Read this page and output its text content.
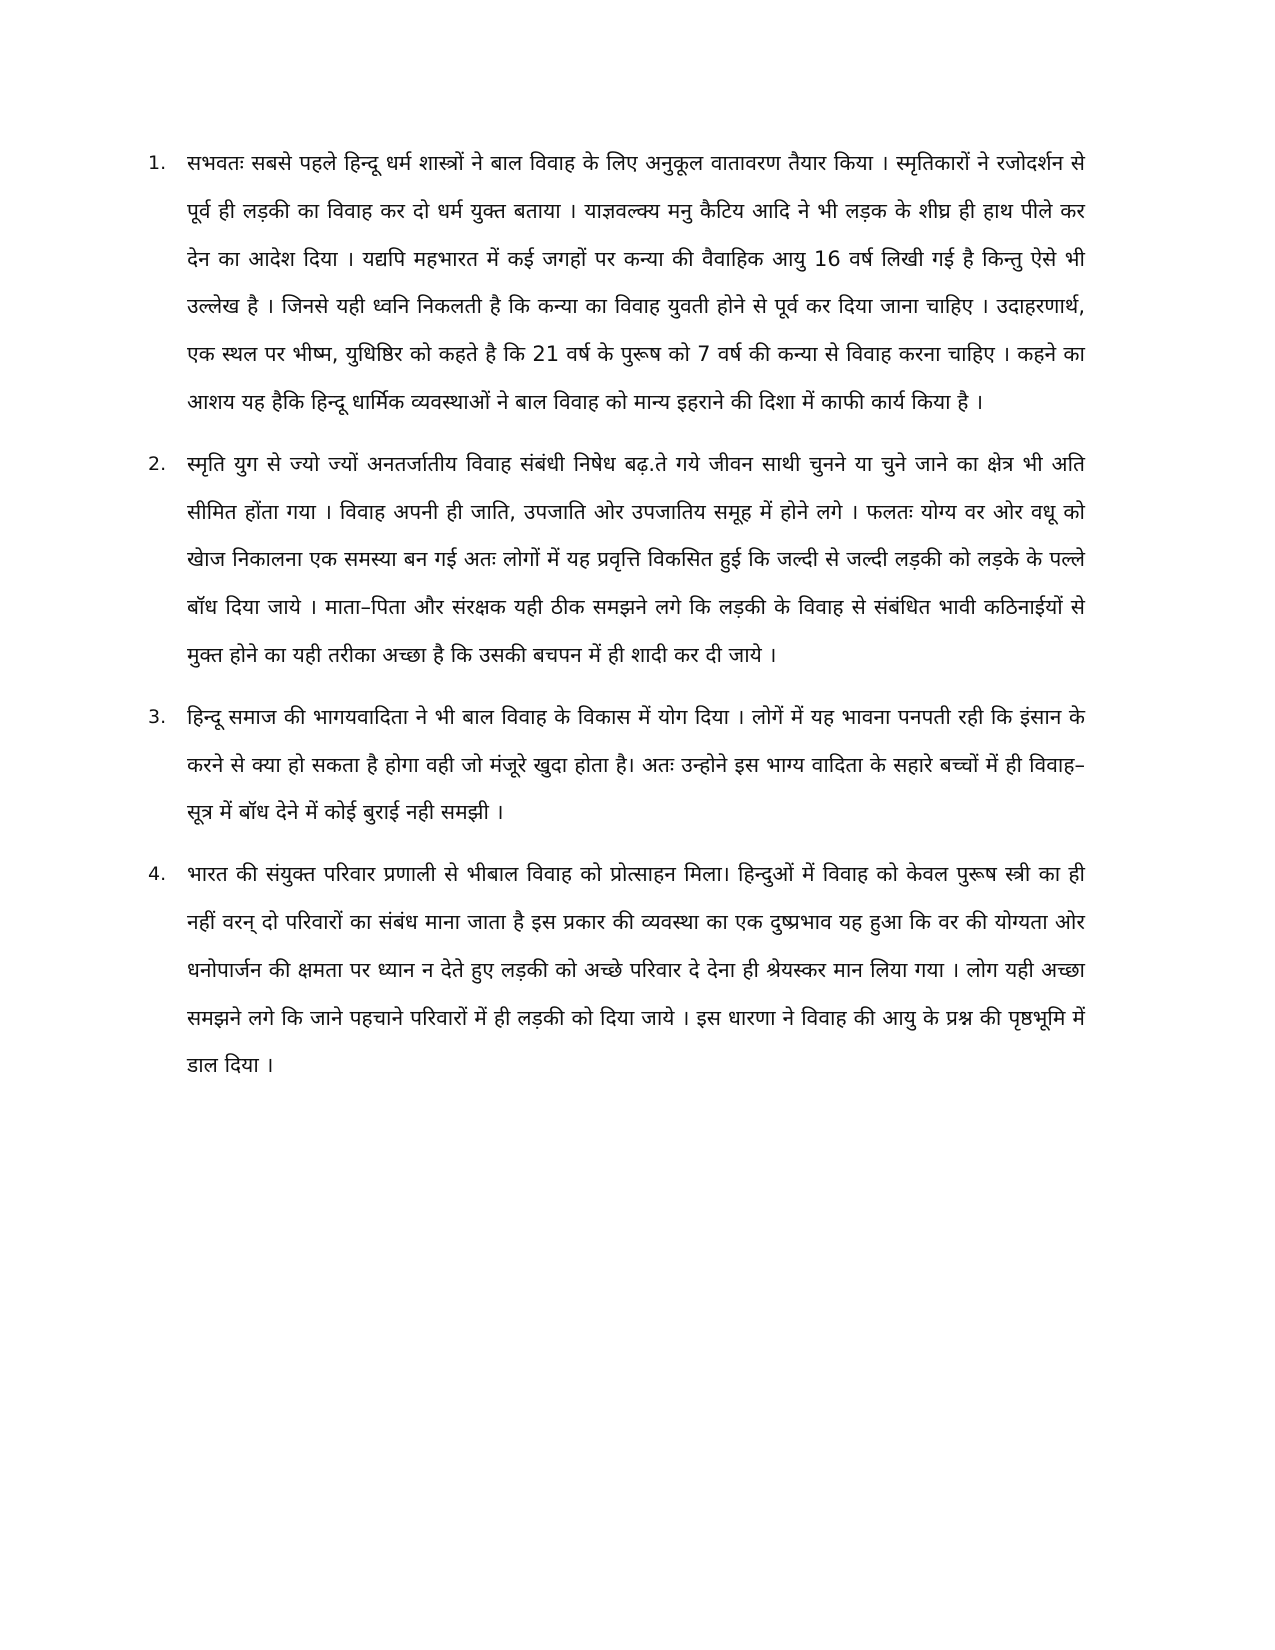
1. सभवतः सबसे पहले हिन्दू धर्म शास्त्रों ने बाल विवाह के लिए अनुकूल वातावरण तैयार किया । स्मृतिकारों ने रजोदर्शन से पूर्व ही लड़की का विवाह कर दो धर्म युक्त बताया । याज्ञवल्क्य मनु कैटिय आदि ने भी लड़क के शीघ्र ही हाथ पीले कर देन का आदेश दिया । यद्यपि महभारत में कई जगहों पर कन्या की वैवाहिक आयु 16 वर्ष लिखी गई है किन्तु ऐसे भी उल्लेख है । जिनसे यही ध्वनि निकलती है कि कन्या का विवाह युवती होने से पूर्व कर दिया जाना चाहिए । उदाहरणार्थ, एक स्थल पर भीष्म, युधिष्ठिर को कहते है कि 21 वर्ष के पुरूष को 7 वर्ष की कन्या से विवाह करना चाहिए । कहने का आशय यह हैकि हिन्दू धार्मिक व्यवस्थाओं ने बाल विवाह को मान्य इहराने की दिशा में काफी कार्य किया है ।
2. स्मृति युग से ज्यो ज्यों अनतर्जातीय विवाह संबंधी निषेध बढ़.ते गये जीवन साथी चुनने या चुने जाने का क्षेत्र भी अति सीमित होंता गया । विवाह अपनी ही जाति, उपजाति ओर उपजातिय समूह में होने लगे । फलतः योग्य वर ओर वधू को खेाज निकालना एक समस्या बन गई अतः लोगों में यह प्रवृत्ति विकसित हुई कि जल्दी से जल्दी लड़की को लड़के के पल्ले बॉध दिया जाये । माता–पिता और संरक्षक यही ठीक समझने लगे कि लड़की के विवाह से संबंधित भावी कठिनाईयों से मुक्त होने का यही तरीका अच्छा है कि उसकी बचपन में ही शादी कर दी जाये ।
3. हिन्दू समाज की भागयवादिता ने भी बाल विवाह के विकास में योग दिया । लोगें में यह भावना पनपती रही कि इंसान के करने से क्या हो सकता है होगा वही जो मंजूरे खुदा होता है। अतः उन्होने इस भाग्य वादिता के सहारे बच्चों में ही विवाह–सूत्र में बॉध देने में कोई बुराई नही समझी ।
4. भारत की संयुक्त परिवार प्रणाली से भीबाल विवाह को प्रोत्साहन मिला। हिन्दुओं में विवाह को केवल पुरूष स्त्री का ही नहीं वरन् दो परिवारों का संबंध माना जाता है इस प्रकार की व्यवस्था का एक दुष्प्रभाव यह हुआ कि वर की योग्यता ओर धनोपार्जन की क्षमता पर ध्यान न देते हुए लड़की को अच्छे परिवार दे देना ही श्रेयस्कर मान लिया गया । लोग यही अच्छा समझने लगे कि जाने पहचाने परिवारों में ही लड़की को दिया जाये । इस धारणा ने विवाह की आयु के प्रश्न की पृष्ठभूमि में डाल दिया ।
